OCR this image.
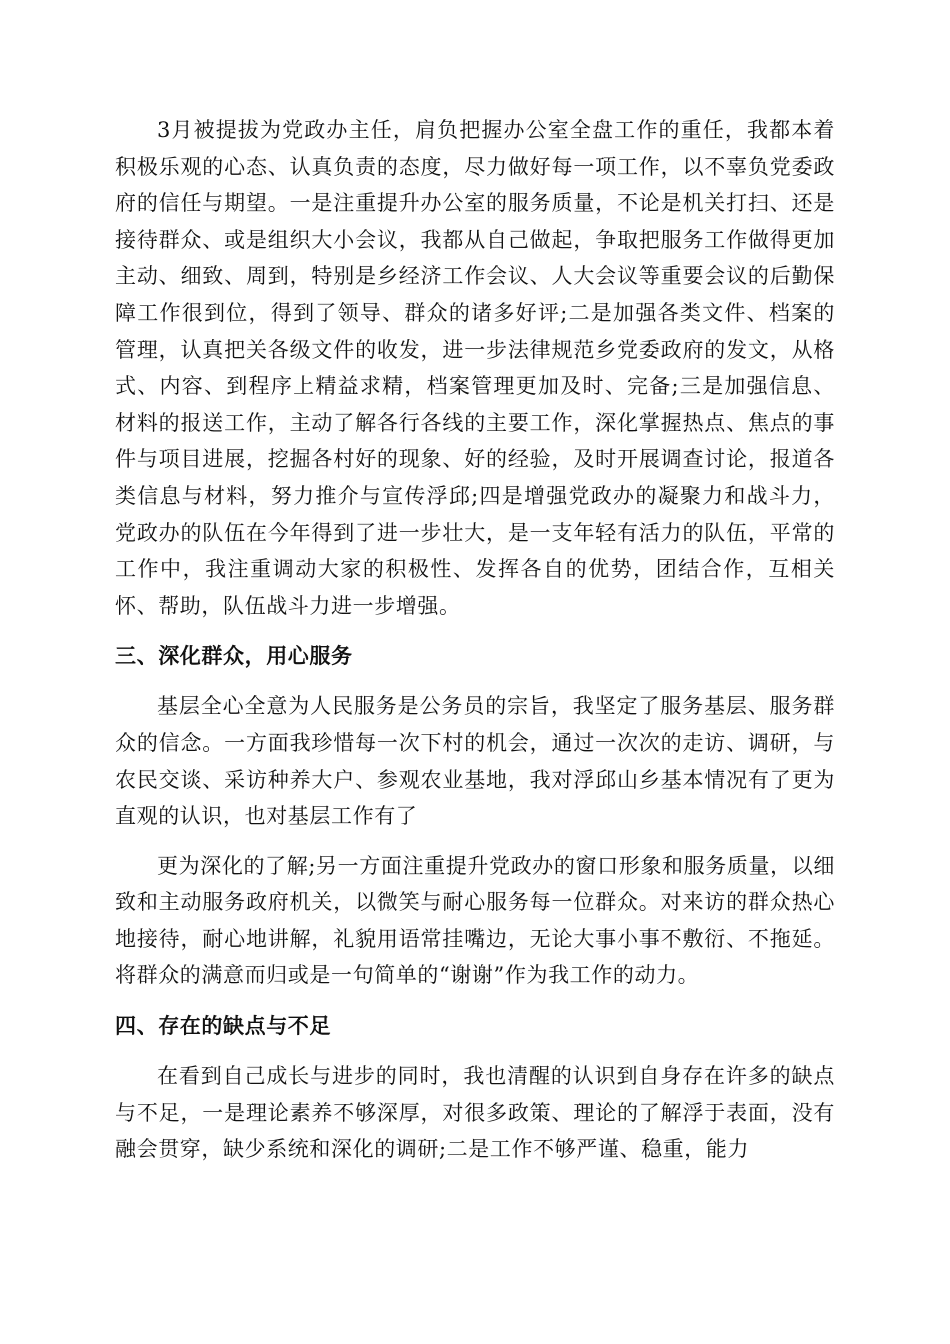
3月被提拔为党政办主任，肩负把握办公室全盘工作的重任，我都本着积极乐观的心态、认真负责的态度，尽力做好每一项工作，以不辜负党委政府的信任与期望。一是注重提升办公室的服务质量，不论是机关打扫、还是接待群众、或是组织大小会议，我都从自己做起，争取把服务工作做得更加主动、细致、周到，特别是乡经济工作会议、人大会议等重要会议的后勤保障工作很到位，得到了领导、群众的诸多好评;二是加强各类文件、档案的管理，认真把关各级文件的收发，进一步法律规范乡党委政府的发文，从格式、内容、到程序上精益求精，档案管理更加及时、完备;三是加强信息、材料的报送工作，主动了解各行各线的主要工作，深化掌握热点、焦点的事件与项目进展，挖掘各村好的现象、好的经验，及时开展调查讨论，报道各类信息与材料，努力推介与宣传浮邱;四是增强党政办的凝聚力和战斗力，党政办的队伍在今年得到了进一步壮大，是一支年轻有活力的队伍，平常的工作中，我注重调动大家的积极性、发挥各自的优势，团结合作，互相关怀、帮助，队伍战斗力进一步增强。

三、深化群众，用心服务

基层全心全意为人民服务是公务员的宗旨，我坚定了服务基层、服务群众的信念。一方面我珍惜每一次下村的机会，通过一次次的走访、调研，与农民交谈、采访种养大户、参观农业基地，我对浮邱山乡基本情况有了更为直观的认识，也对基层工作有了

更为深化的了解;另一方面注重提升党政办的窗口形象和服务质量，以细致和主动服务政府机关，以微笑与耐心服务每一位群众。对来访的群众热心地接待，耐心地讲解，礼貌用语常挂嘴边，无论大事小事不敷衍、不拖延。将群众的满意而归或是一句简单的“谢谢”作为我工作的动力。

四、存在的缺点与不足

在看到自己成长与进步的同时，我也清醒的认识到自身存在许多的缺点与不足，一是理论素养不够深厚，对很多政策、理论的了解浮于表面，没有融会贯穿，缺少系统和深化的调研;二是工作不够严谨、稳重，能力
